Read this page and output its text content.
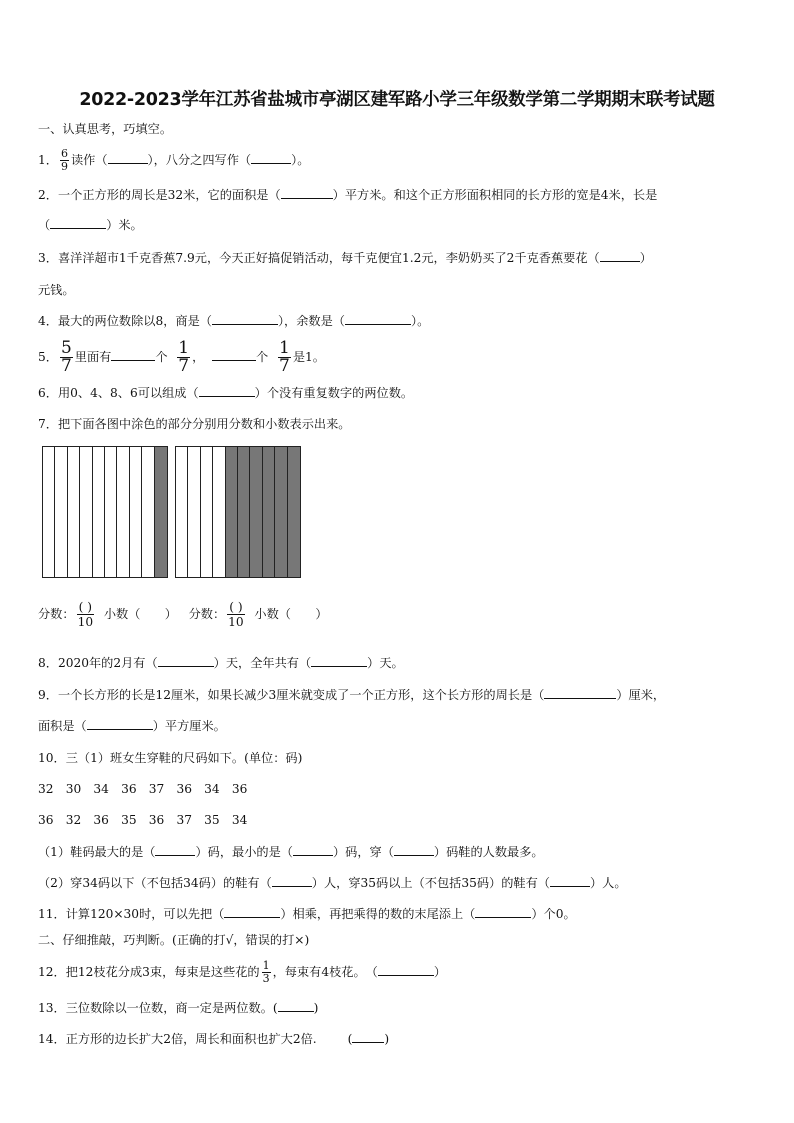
2022-2023学年江苏省盐城市亭湖区建军路小学三年级数学第二学期期末联考试题
一、认真思考，巧填空。
1． $\frac{6}{9}$ 读作（	），八分之四写作（	）。
2．一个正方形的周长是32米，它的面积是（	）平方米。和这个正方形面积相同的长方形的宽是4米，长是
（	）米。
3．喜洋洋超市1千克香蕉7.9元，今天正好搞促销活动，每千克便宜1.2元，李奶奶买了2千克香蕉要花（	）
元钱。
4．最大的两位数除以8，商是（	），余数是（	）。
5． $\frac{5}{7}$ 里面有	个 $\frac{1}{7}$ ，	个 $\frac{1}{7}$ 是1。
6．用0、4、8、6可以组成（	）个没有重复数字的两位数。
7．把下面各图中涂色的部分分别用分数和小数表示出来。
分数： $\frac{( )}{10}$ 小数（　　） 分数： $\frac{( )}{10}$ 小数（　　）
8．2020年的2月有（	）天，全年共有（	）天。
9．一个长方形的长是12厘米，如果长减少3厘米就变成了一个正方形，这个长方形的周长是（	）厘米，
面积是（	）平方厘米。
10．三（1）班女生穿鞋的尺码如下。(单位：码)
32　30　34　36　37　36　34　36
36　32　36　35　36　37　35　34
（1）鞋码最大的是（	）码，最小的是（	）码，穿（	）码鞋的人数最多。
（2）穿34码以下（不包括34码）的鞋有（	）人，穿35码以上（不包括35码）的鞋有（	）人。
11．计算120×30时，可以先把（	）相乘，再把乘得的数的末尾添上（	）个0。
二、仔细推敲，巧判断。(正确的打√，错误的打×)
12．把12枝花分成3束，每束是这些花的 $\frac{1}{3}$ ，每束有4枝花。　（	）
13．三位数除以一位数，商一定是两位数。(	)
14．正方形的边长扩大2倍，周长和面积也扩大2倍.	(	)
